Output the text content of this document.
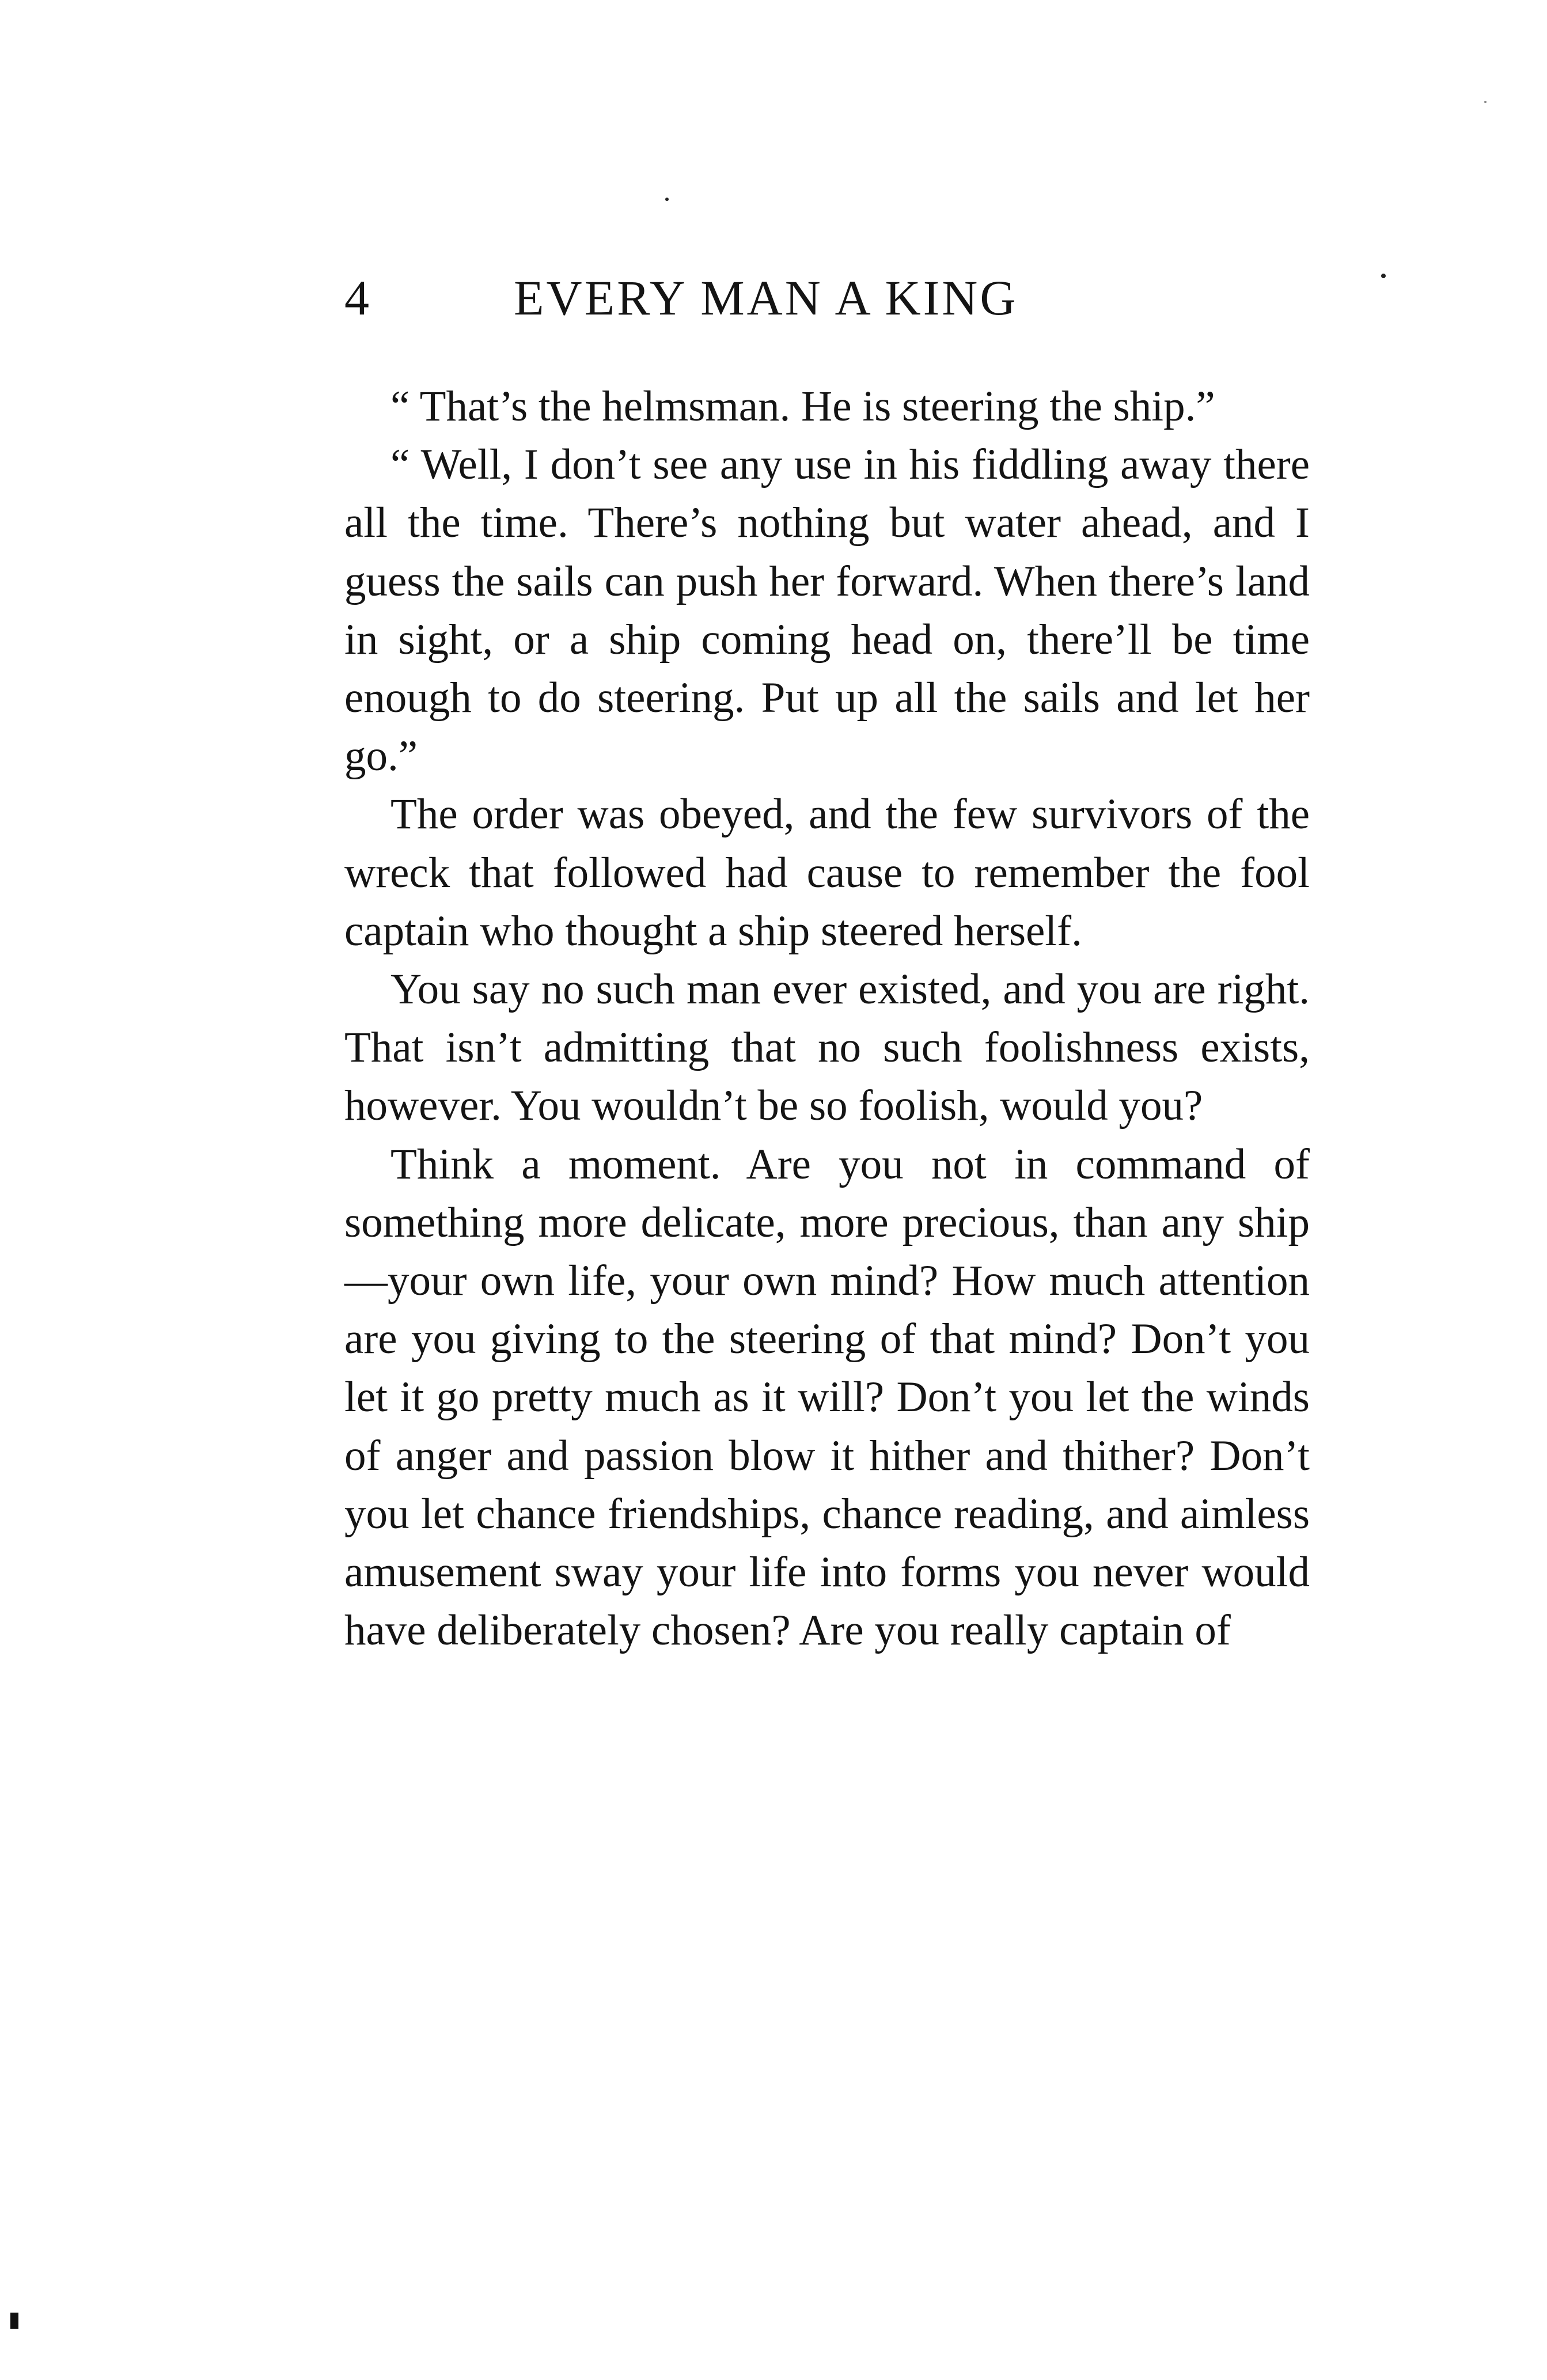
4	EVERY MAN A KING

“ That’s the helmsman. He is steering the ship.”

“ Well, I don’t see any use in his fiddling away there all the time. There’s nothing but water ahead, and I guess the sails can push her forward. When there’s land in sight, or a ship coming head on, there’ll be time enough to do steering. Put up all the sails and let her go.”

The order was obeyed, and the few survivors of the wreck that followed had cause to remember the fool captain who thought a ship steered herself.

You say no such man ever existed, and you are right. That isn’t admitting that no such foolishness exists, however. You wouldn’t be so foolish, would you?

Think a moment. Are you not in command of something more delicate, more precious, than any ship—your own life, your own mind? How much attention are you giving to the steering of that mind? Don’t you let it go pretty much as it will? Don’t you let the winds of anger and passion blow it hither and thither? Don’t you let chance friendships, chance reading, and aimless amusement sway your life into forms you never would have deliberately chosen? Are you really captain of
